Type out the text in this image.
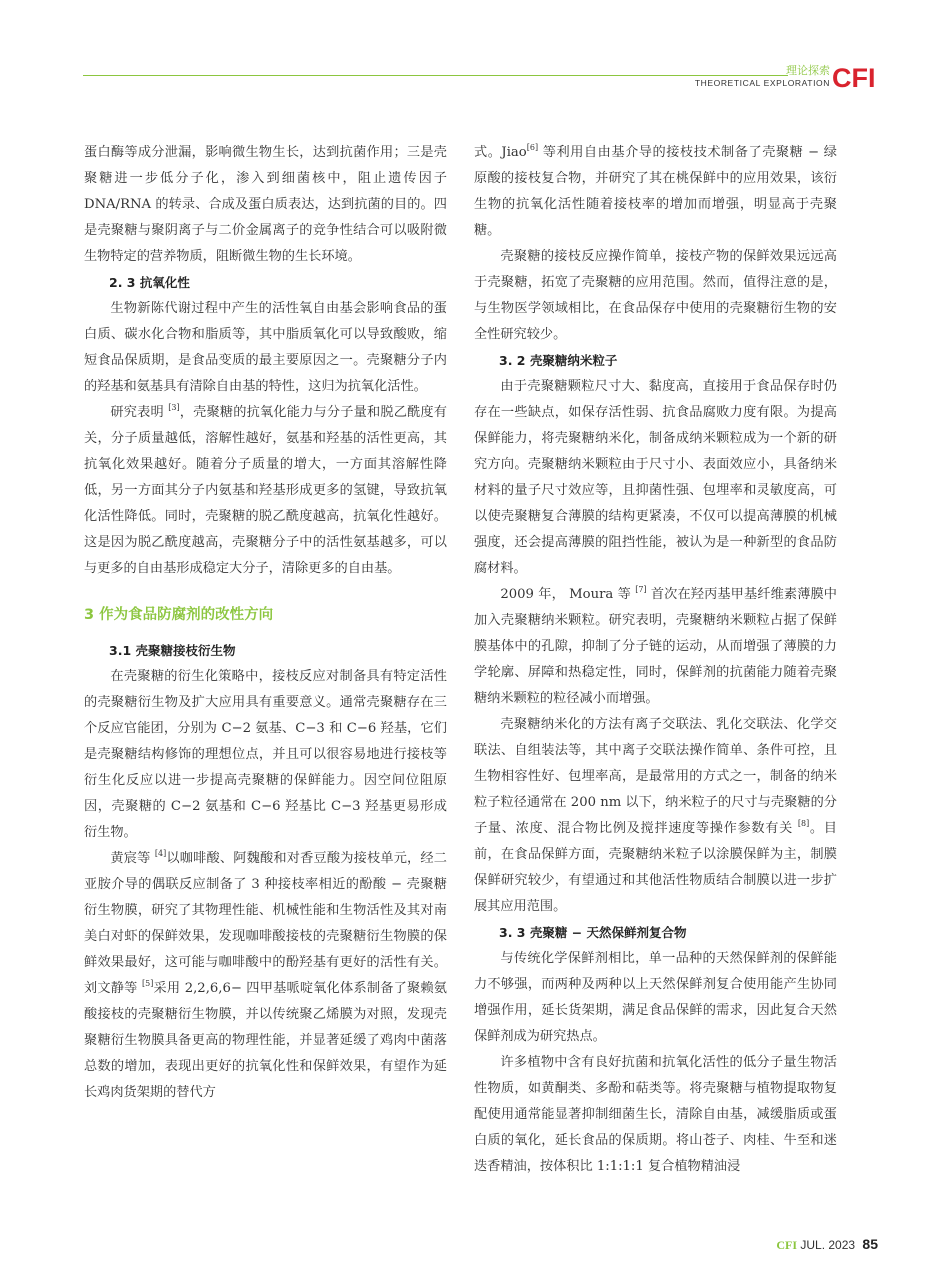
理论探索
THEORETICAL EXPLORATION CFI

蛋白酶等成分泄漏，影响微生物生长，达到抗菌作用；三是壳聚糖进一步低分子化，渗入到细菌核中，阻止遗传因子 DNA/RNA 的转录、合成及蛋白质表达，达到抗菌的目的。四是壳聚糖与聚阴离子与二价金属离子的竞争性结合可以吸附微生物特定的营养物质，阻断微生物的生长环境。

2. 3 抗氧化性

生物新陈代谢过程中产生的活性氧自由基会影响食品的蛋白质、碳水化合物和脂质等，其中脂质氧化可以导致酸败，缩短食品保质期，是食品变质的最主要原因之一。壳聚糖分子内的羟基和氨基具有清除自由基的特性，这归为抗氧化活性。

研究表明 [3]，壳聚糖的抗氧化能力与分子量和脱乙酰度有关，分子质量越低，溶解性越好，氨基和羟基的活性更高，其抗氧化效果越好。随着分子质量的增大，一方面其溶解性降低，另一方面其分子内氨基和羟基形成更多的氢键，导致抗氧化活性降低。同时，壳聚糖的脱乙酰度越高，抗氧化性越好。这是因为脱乙酰度越高，壳聚糖分子中的活性氨基越多，可以与更多的自由基形成稳定大分子，清除更多的自由基。

3 作为食品防腐剂的改性方向
3.1 壳聚糖接枝衍生物

在壳聚糖的衍生化策略中，接枝反应对制备具有特定活性的壳聚糖衍生物及扩大应用具有重要意义。通常壳聚糖存在三个反应官能团，分别为 C−2 氨基、C−3 和 C−6 羟基，它们是壳聚糖结构修饰的理想位点，并且可以很容易地进行接枝等衍生化反应以进一步提高壳聚糖的保鲜能力。因空间位阻原因，壳聚糖的 C−2 氨基和 C−6 羟基比 C−3 羟基更易形成衍生物。

黄宸等 [4]以咖啡酸、阿魏酸和对香豆酸为接枝单元，经二亚胺介导的偶联反应制备了 3 种接枝率相近的酚酸 − 壳聚糖衍生物膜，研究了其物理性能、机械性能和生物活性及其对南美白对虾的保鲜效果，发现咖啡酸接枝的壳聚糖衍生物膜的保鲜效果最好，这可能与咖啡酸中的酚羟基有更好的活性有关。刘文静等 [5]采用 2,2,6,6− 四甲基哌啶氧化体系制备了聚赖氨酸接枝的壳聚糖衍生物膜，并以传统聚乙烯膜为对照，发现壳聚糖衍生物膜具备更高的物理性能，并显著延缓了鸡肉中菌落总数的增加，表现出更好的抗氧化性和保鲜效果，有望作为延长鸡肉货架期的替代方

式。Jiao[6] 等利用自由基介导的接枝技术制备了壳聚糖 − 绿原酸的接枝复合物，并研究了其在桃保鲜中的应用效果，该衍生物的抗氧化活性随着接枝率的增加而增强，明显高于壳聚糖。

壳聚糖的接枝反应操作简单，接枝产物的保鲜效果远远高于壳聚糖，拓宽了壳聚糖的应用范围。然而，值得注意的是，与生物医学领域相比，在食品保存中使用的壳聚糖衍生物的安全性研究较少。

3. 2 壳聚糖纳米粒子

由于壳聚糖颗粒尺寸大、黏度高，直接用于食品保存时仍存在一些缺点，如保存活性弱、抗食品腐败力度有限。为提高保鲜能力，将壳聚糖纳米化，制备成纳米颗粒成为一个新的研究方向。壳聚糖纳米颗粒由于尺寸小、表面效应小，具备纳米材料的量子尺寸效应等，且抑菌性强、包埋率和灵敏度高，可以使壳聚糖复合薄膜的结构更紧凑，不仅可以提高薄膜的机械强度，还会提高薄膜的阻挡性能，被认为是一种新型的食品防腐材料。

2009 年， Moura 等 [7] 首次在羟丙基甲基纤维素薄膜中加入壳聚糖纳米颗粒。研究表明，壳聚糖纳米颗粒占据了保鲜膜基体中的孔隙，抑制了分子链的运动，从而增强了薄膜的力学轮廓、屏障和热稳定性，同时，保鲜剂的抗菌能力随着壳聚糖纳米颗粒的粒径减小而增强。

壳聚糖纳米化的方法有离子交联法、乳化交联法、化学交联法、自组装法等，其中离子交联法操作简单、条件可控，且生物相容性好、包埋率高，是最常用的方式之一，制备的纳米粒子粒径通常在 200 nm 以下，纳米粒子的尺寸与壳聚糖的分子量、浓度、混合物比例及搅拌速度等操作参数有关 [8]。目前，在食品保鲜方面，壳聚糖纳米粒子以涂膜保鲜为主，制膜保鲜研究较少，有望通过和其他活性物质结合制膜以进一步扩展其应用范围。

3. 3 壳聚糖 − 天然保鲜剂复合物

与传统化学保鲜剂相比，单一品种的天然保鲜剂的保鲜能力不够强，而两种及两种以上天然保鲜剂复合使用能产生协同增强作用，延长货架期，满足食品保鲜的需求，因此复合天然保鲜剂成为研究热点。

许多植物中含有良好抗菌和抗氧化活性的低分子量生物活性物质，如黄酮类、多酚和萜类等。将壳聚糖与植物提取物复配使用通常能显著抑制细菌生长，清除自由基，减缓脂质或蛋白质的氧化，延长食品的保质期。将山苍子、肉桂、牛至和迷迭香精油，按体积比 1:1:1:1 复合植物精油浸

CFI JUL. 2023 85
